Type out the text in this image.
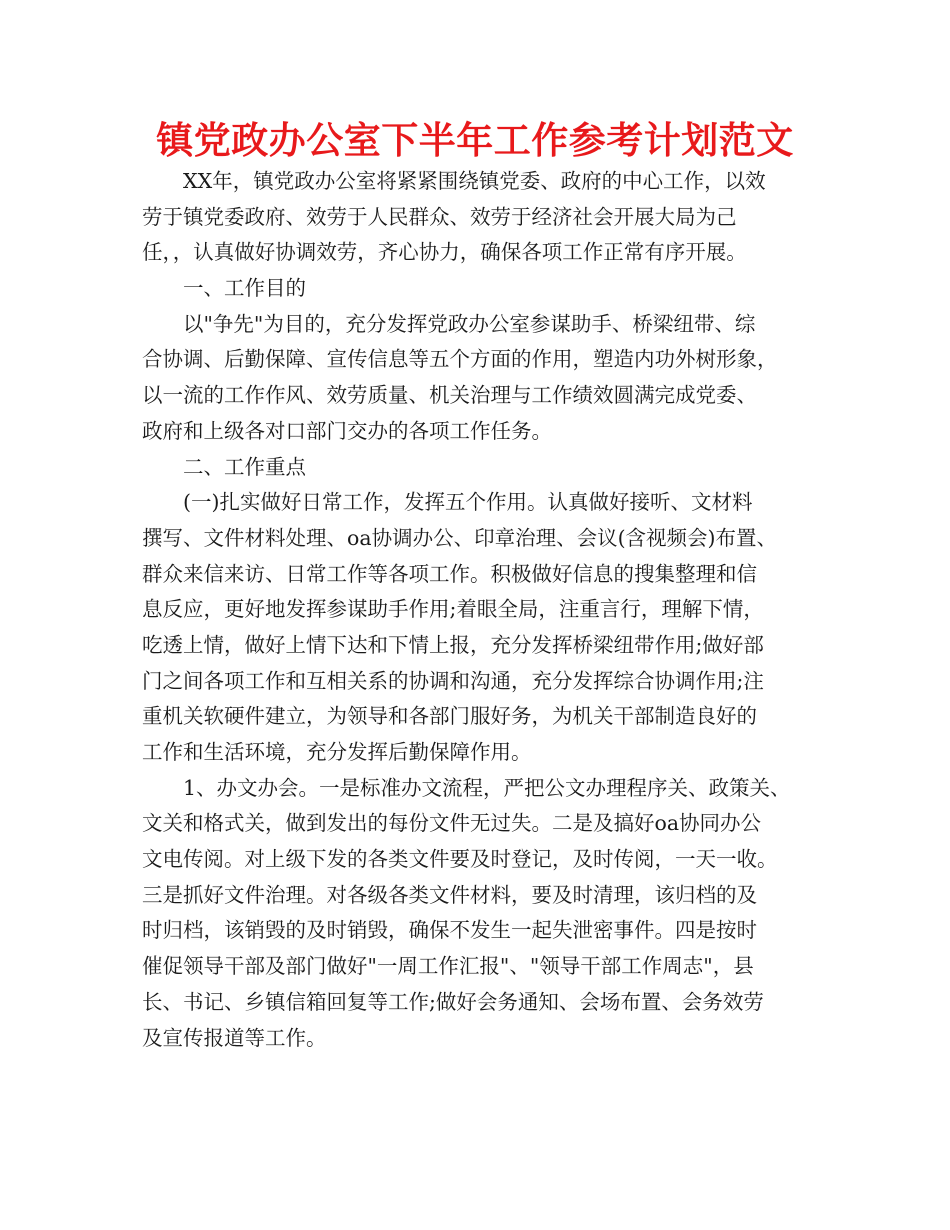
镇党政办公室下半年工作参考计划范文
XX年，镇党政办公室将紧紧围绕镇党委、政府的中心工作，以效
劳于镇党委政府、效劳于人民群众、效劳于经济社会开展大局为己
任，，认真做好协调效劳，齐心协力，确保各项工作正常有序开展。
一、工作目的
以"争先"为目的，充分发挥党政办公室参谋助手、桥梁纽带、综
合协调、后勤保障、宣传信息等五个方面的作用，塑造内功外树形象，
以一流的工作作风、效劳质量、机关治理与工作绩效圆满完成党委、
政府和上级各对口部门交办的各项工作任务。
二、工作重点
(一)扎实做好日常工作，发挥五个作用。认真做好接听、文材料
撰写、文件材料处理、oa协调办公、印章治理、会议(含视频会)布置、
群众来信来访、日常工作等各项工作。积极做好信息的搜集整理和信
息反应，更好地发挥参谋助手作用;着眼全局，注重言行，理解下情，
吃透上情，做好上情下达和下情上报，充分发挥桥梁纽带作用;做好部
门之间各项工作和互相关系的协调和沟通，充分发挥综合协调作用;注
重机关软硬件建立，为领导和各部门服好务，为机关干部制造良好的
工作和生活环境，充分发挥后勤保障作用。
1、办文办会。一是标准办文流程，严把公文办理程序关、政策关、
文关和格式关，做到发出的每份文件无过失。二是及搞好oa协同办公
文电传阅。对上级下发的各类文件要及时登记，及时传阅，一天一收。
三是抓好文件治理。对各级各类文件材料，要及时清理，该归档的及
时归档，该销毁的及时销毁，确保不发生一起失泄密事件。四是按时
催促领导干部及部门做好"一周工作汇报"、"领导干部工作周志"，县
长、书记、乡镇信箱回复等工作;做好会务通知、会场布置、会务效劳
及宣传报道等工作。
